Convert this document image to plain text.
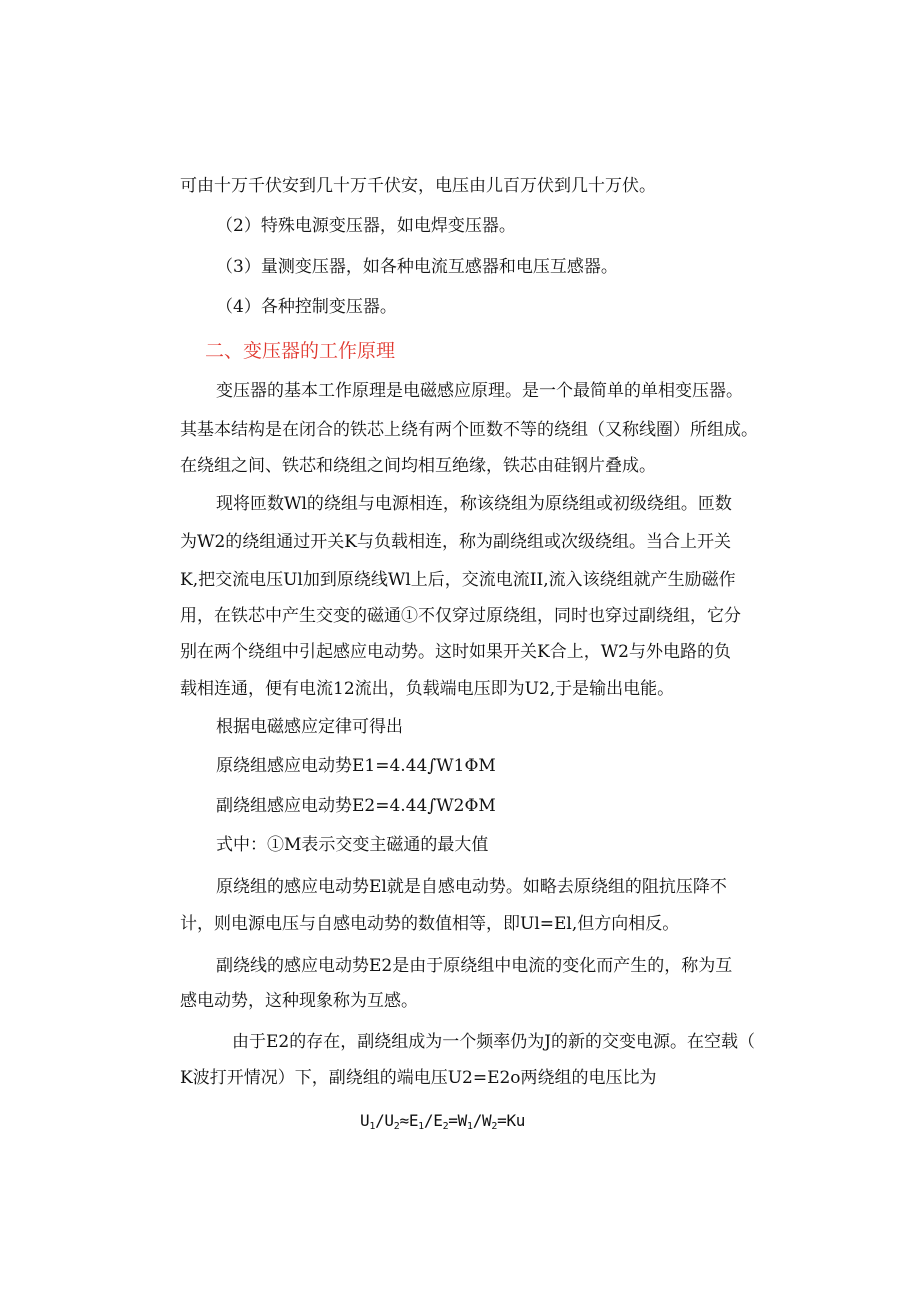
可由十万千伏安到几十万千伏安，电压由儿百万伏到几十万伏。
（2）特殊电源变压器，如电焊变压器。
（3）量测变压器，如各种电流互感器和电压互感器。
（4）各种控制变压器。
二、变压器的工作原理
变压器的基本工作原理是电磁感应原理。是一个最简单的单相变压器。
其基本结构是在闭合的铁芯上绕有两个匝数不等的绕组（又称线圈）所组成。
在绕组之间、铁芯和绕组之间均相互绝缘，铁芯由硅钢片叠成。
现将匝数Wl的绕组与电源相连，称该绕组为原绕组或初级绕组。匝数
为W2的绕组通过开关K与负载相连，称为副绕组或次级绕组。当合上开关
K,把交流电压Ul加到原绕线Wl上后，交流电流II,流入该绕组就产生励磁作
用，在铁芯中产生交变的磁通①不仅穿过原绕组，同时也穿过副绕组，它分
别在两个绕组中引起感应电动势。这时如果开关K合上，W2与外电路的负
载相连通，便有电流12流出，负载端电压即为U2,于是输出电能。
根据电磁感应定律可得出
原绕组感应电动势E1=4.44∫W1ΦM
副绕组感应电动势E2=4.44∫W2ΦM
式中：①M表示交变主磁通的最大值
原绕组的感应电动势El就是自感电动势。如略去原绕组的阻抗压降不
计，则电源电压与自感电动势的数值相等，即Ul=El,但方向相反。
副绕线的感应电动势E2是由于原绕组中电流的变化而产生的，称为互
感电动势，这种现象称为互感。
由于E2的存在，副绕组成为一个频率仍为J的新的交变电源。在空载（
K波打开情况）下，副绕组的端电压U2=E2o两绕组的电压比为
$U_1/U_2\approx E_1/E_2=W_1/W_2=Ku$
